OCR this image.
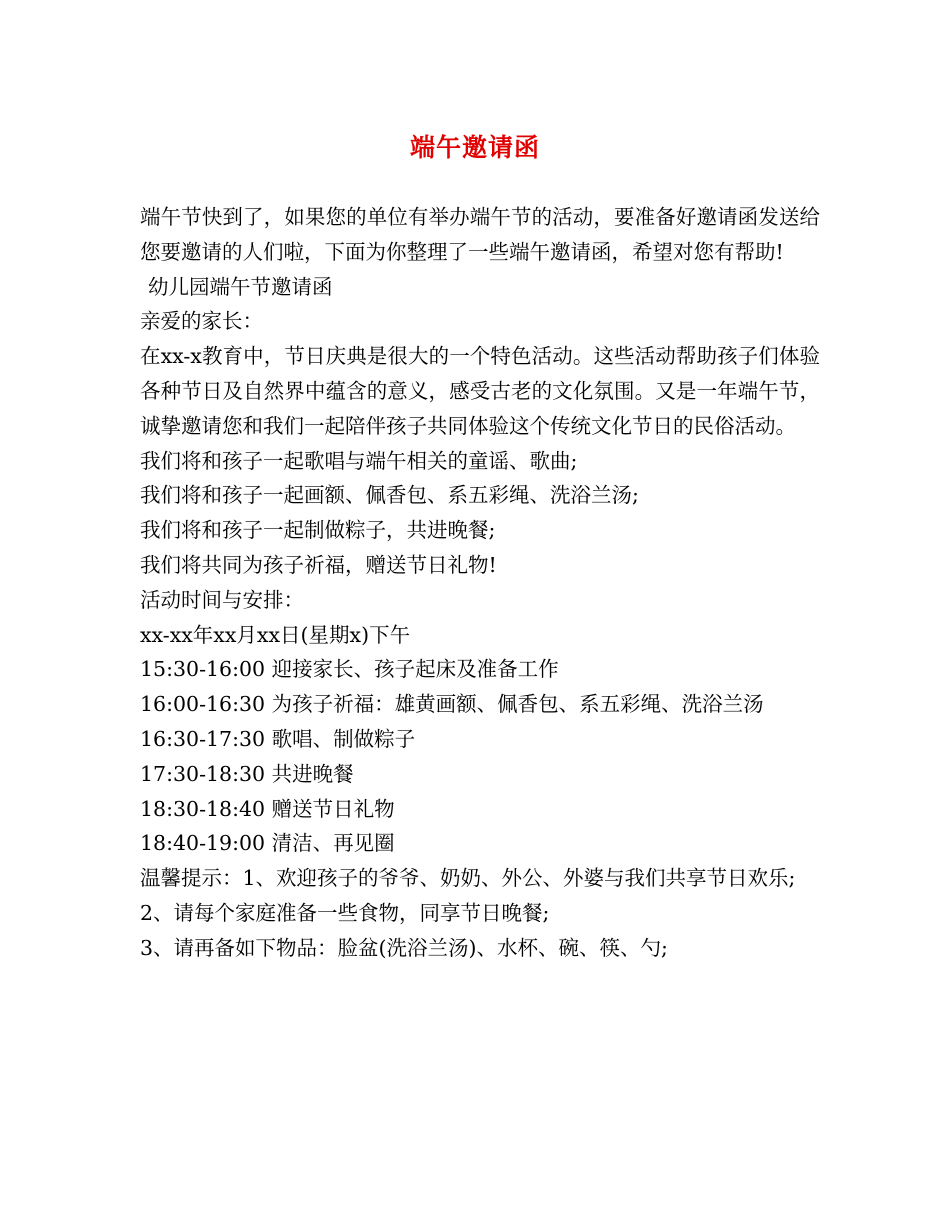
端午邀请函

端午节快到了，如果您的单位有举办端午节的活动，要准备好邀请函发送给您要邀请的人们啦，下面为你整理了一些端午邀请函，希望对您有帮助!

幼儿园端午节邀请函

亲爱的家长：

在xx-x教育中，节日庆典是很大的一个特色活动。这些活动帮助孩子们体验各种节日及自然界中蕴含的意义，感受古老的文化氛围。又是一年端午节，诚挚邀请您和我们一起陪伴孩子共同体验这个传统文化节日的民俗活动。

我们将和孩子一起歌唱与端午相关的童谣、歌曲;

我们将和孩子一起画额、佩香包、系五彩绳、洗浴兰汤;

我们将和孩子一起制做粽子，共进晚餐;

我们将共同为孩子祈福，赠送节日礼物!

活动时间与安排：

xx-xx年xx月xx日(星期x)下午

15:30-16:00 迎接家长、孩子起床及准备工作

16:00-16:30 为孩子祈福：雄黄画额、佩香包、系五彩绳、洗浴兰汤

16:30-17:30 歌唱、制做粽子

17:30-18:30 共进晚餐

18:30-18:40 赠送节日礼物

18:40-19:00 清洁、再见圈

温馨提示：1、欢迎孩子的爷爷、奶奶、外公、外婆与我们共享节日欢乐;

2、请每个家庭准备一些食物，同享节日晚餐;

3、请再备如下物品：脸盆(洗浴兰汤)、水杯、碗、筷、勺;
